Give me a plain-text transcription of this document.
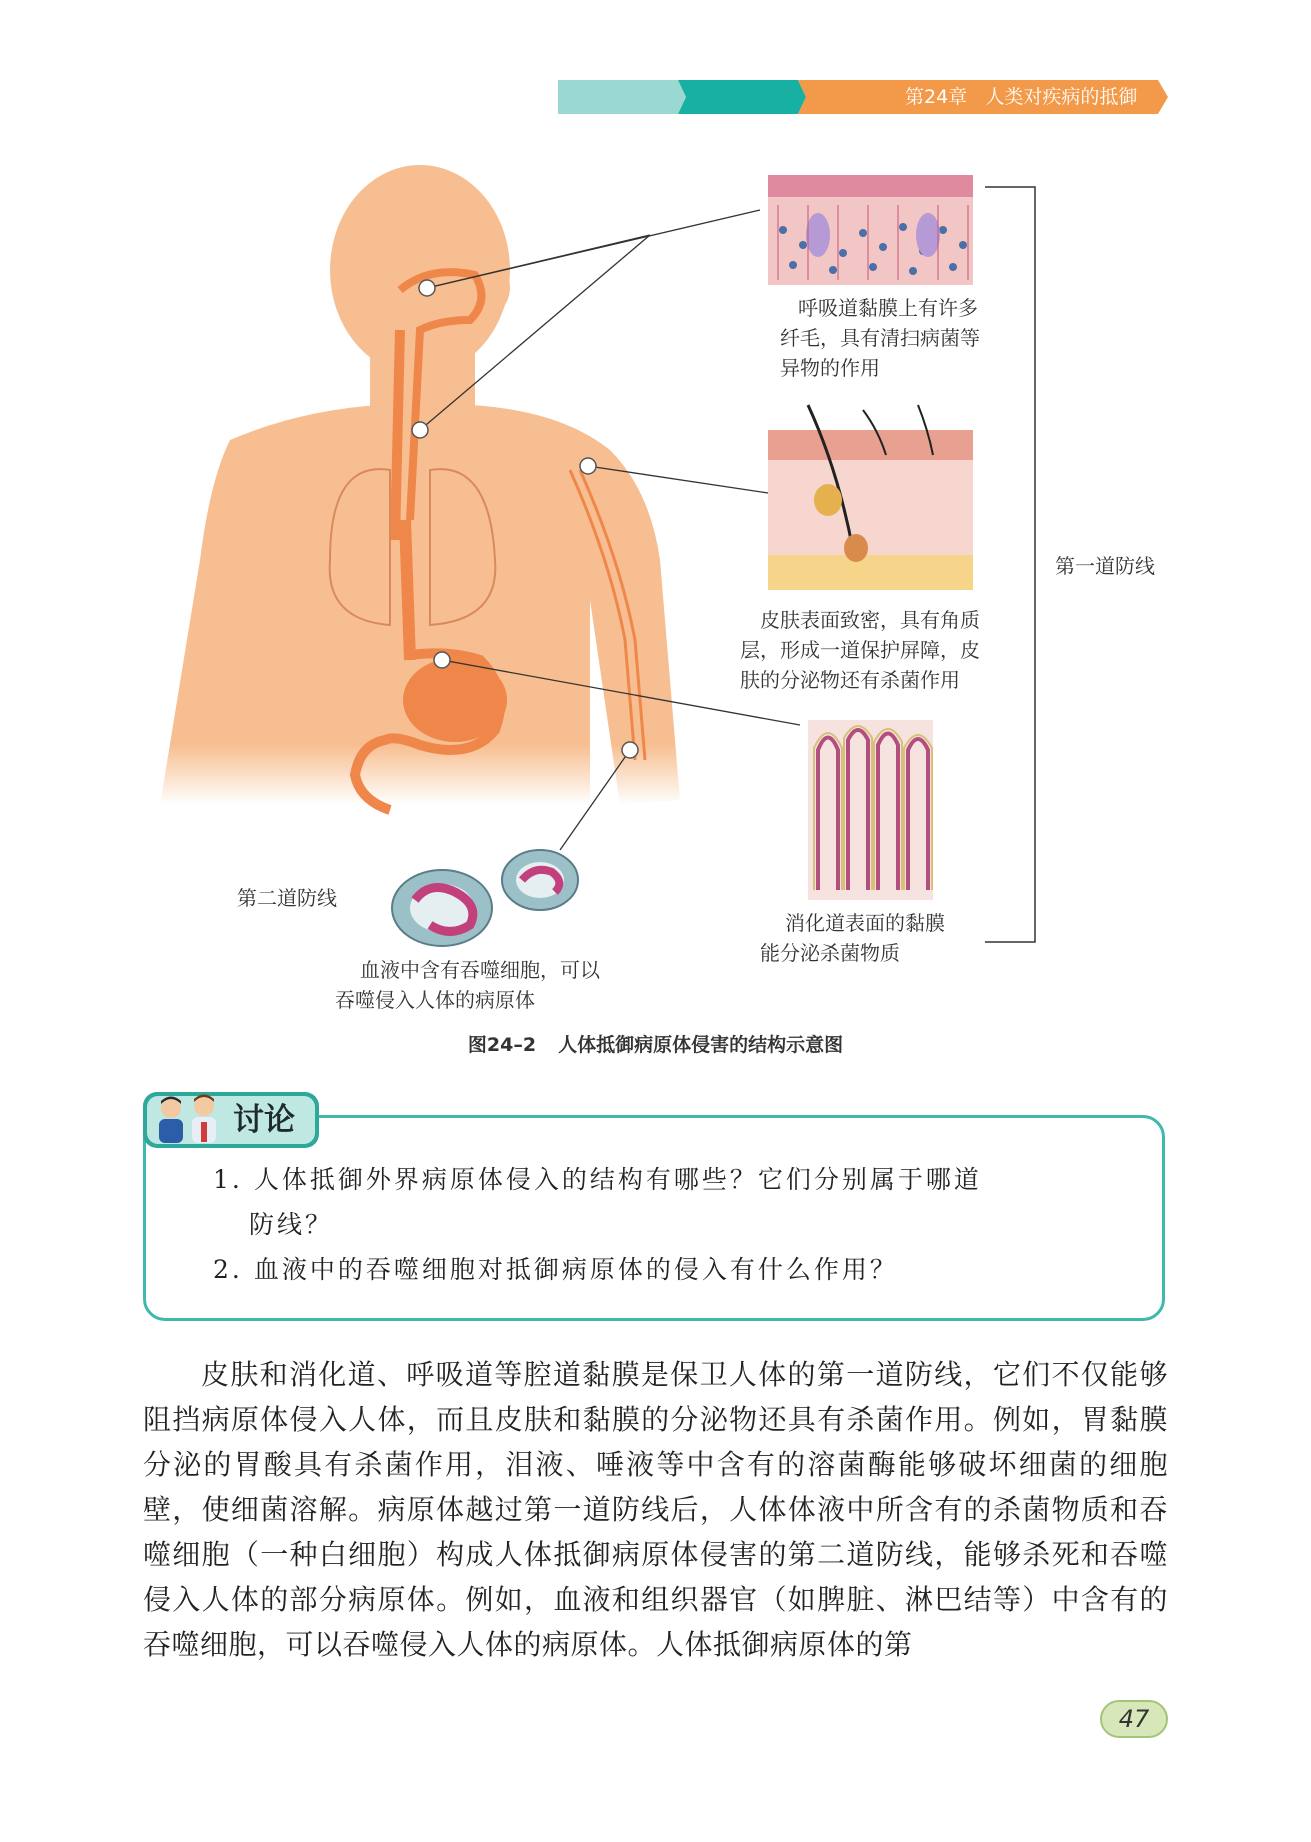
第24章 人类对疾病的抵御
呼吸道黏膜上有许多
纤毛，具有清扫病菌等
异物的作用
皮肤表面致密，具有角质
层，形成一道保护屏障，皮
肤的分泌物还有杀菌作用
消化道表面的黏膜
能分泌杀菌物质
血液中含有吞噬细胞，可以
吞噬侵入人体的病原体
第一道防线
第二道防线
图24–2 人体抵御病原体侵害的结构示意图
讨论
1. 人体抵御外界病原体侵入的结构有哪些？它们分别属于哪道
防线？
2. 血液中的吞噬细胞对抵御病原体的侵入有什么作用？
皮肤和消化道、呼吸道等腔道黏膜是保卫人体的第一道防线，它们不仅能够阻挡病原体侵入人体，而且皮肤和黏膜的分泌物还具有杀菌作用。例如，胃黏膜分泌的胃酸具有杀菌作用，泪液、唾液等中含有的溶菌酶能够破坏细菌的细胞壁，使细菌溶解。病原体越过第一道防线后，人体体液中所含有的杀菌物质和吞噬细胞（一种白细胞）构成人体抵御病原体侵害的第二道防线，能够杀死和吞噬侵入人体的部分病原体。例如，血液和组织器官（如脾脏、淋巴结等）中含有的吞噬细胞，可以吞噬侵入人体的病原体。人体抵御病原体的第
47
